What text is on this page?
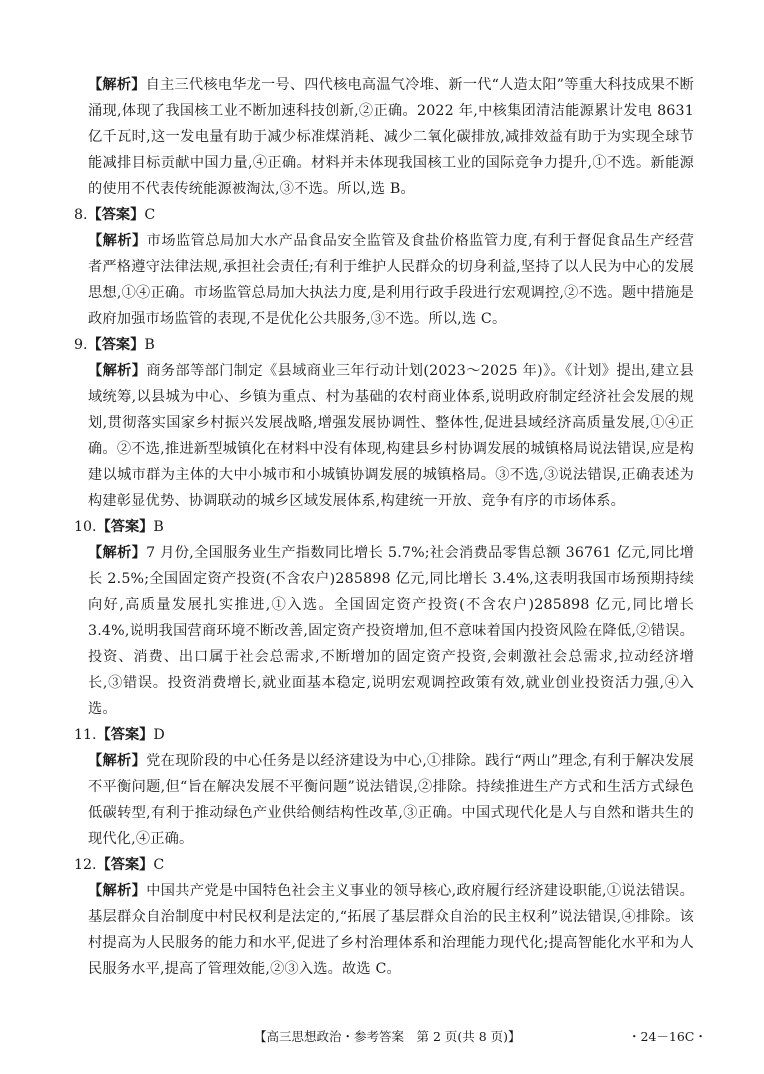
【解析】自主三代核电华龙一号、四代核电高温气冷堆、新一代“人造太阳”等重大科技成果不断涌现,体现了我国核工业不断加速科技创新,②正确。2022 年,中核集团清洁能源累计发电 8631 亿千瓦时,这一发电量有助于减少标准煤消耗、减少二氧化碳排放,减排效益有助于为实现全球节能减排目标贡献中国力量,④正确。材料并未体现我国核工业的国际竞争力提升,①不选。新能源的使用不代表传统能源被淘汰,③不选。所以,选 B。

8.【答案】C

【解析】市场监管总局加大水产品食品安全监管及食盐价格监管力度,有利于督促食品生产经营者严格遵守法律法规,承担社会责任;有利于维护人民群众的切身利益,坚持了以人民为中心的发展思想,①④正确。市场监管总局加大执法力度,是利用行政手段进行宏观调控,②不选。题中措施是政府加强市场监管的表现,不是优化公共服务,③不选。所以,选 C。

9.【答案】B

【解析】商务部等部门制定《县域商业三年行动计划(2023～2025 年)》。《计划》提出,建立县域统筹,以县城为中心、乡镇为重点、村为基础的农村商业体系,说明政府制定经济社会发展的规划,贯彻落实国家乡村振兴发展战略,增强发展协调性、整体性,促进县域经济高质量发展,①④正确。②不选,推进新型城镇化在材料中没有体现,构建县乡村协调发展的城镇格局说法错误,应是构建以城市群为主体的大中小城市和小城镇协调发展的城镇格局。③不选,③说法错误,正确表述为构建彰显优势、协调联动的城乡区域发展体系,构建统一开放、竞争有序的市场体系。

10.【答案】B

【解析】7 月份,全国服务业生产指数同比增长 5.7%;社会消费品零售总额 36761 亿元,同比增长 2.5%;全国固定资产投资(不含农户)285898 亿元,同比增长 3.4%,这表明我国市场预期持续向好,高质量发展扎实推进,①入选。全国固定资产投资(不含农户)285898 亿元,同比增长 3.4%,说明我国营商环境不断改善,固定资产投资增加,但不意味着国内投资风险在降低,②错误。投资、消费、出口属于社会总需求,不断增加的固定资产投资,会刺激社会总需求,拉动经济增长,③错误。投资消费增长,就业面基本稳定,说明宏观调控政策有效,就业创业投资活力强,④入选。

11.【答案】D

【解析】党在现阶段的中心任务是以经济建设为中心,①排除。践行“两山”理念,有利于解决发展不平衡问题,但“旨在解决发展不平衡问题”说法错误,②排除。持续推进生产方式和生活方式绿色低碳转型,有利于推动绿色产业供给侧结构性改革,③正确。中国式现代化是人与自然和谐共生的现代化,④正确。

12.【答案】C

【解析】中国共产党是中国特色社会主义事业的领导核心,政府履行经济建设职能,①说法错误。基层群众自治制度中村民权利是法定的,“拓展了基层群众自治的民主权利”说法错误,④排除。该村提高为人民服务的能力和水平,促进了乡村治理体系和治理能力现代化;提高智能化水平和为人民服务水平,提高了管理效能,②③入选。故选 C。

【高三思想政治・参考答案　第 2 页(共 8 页)】	・24－16C・
